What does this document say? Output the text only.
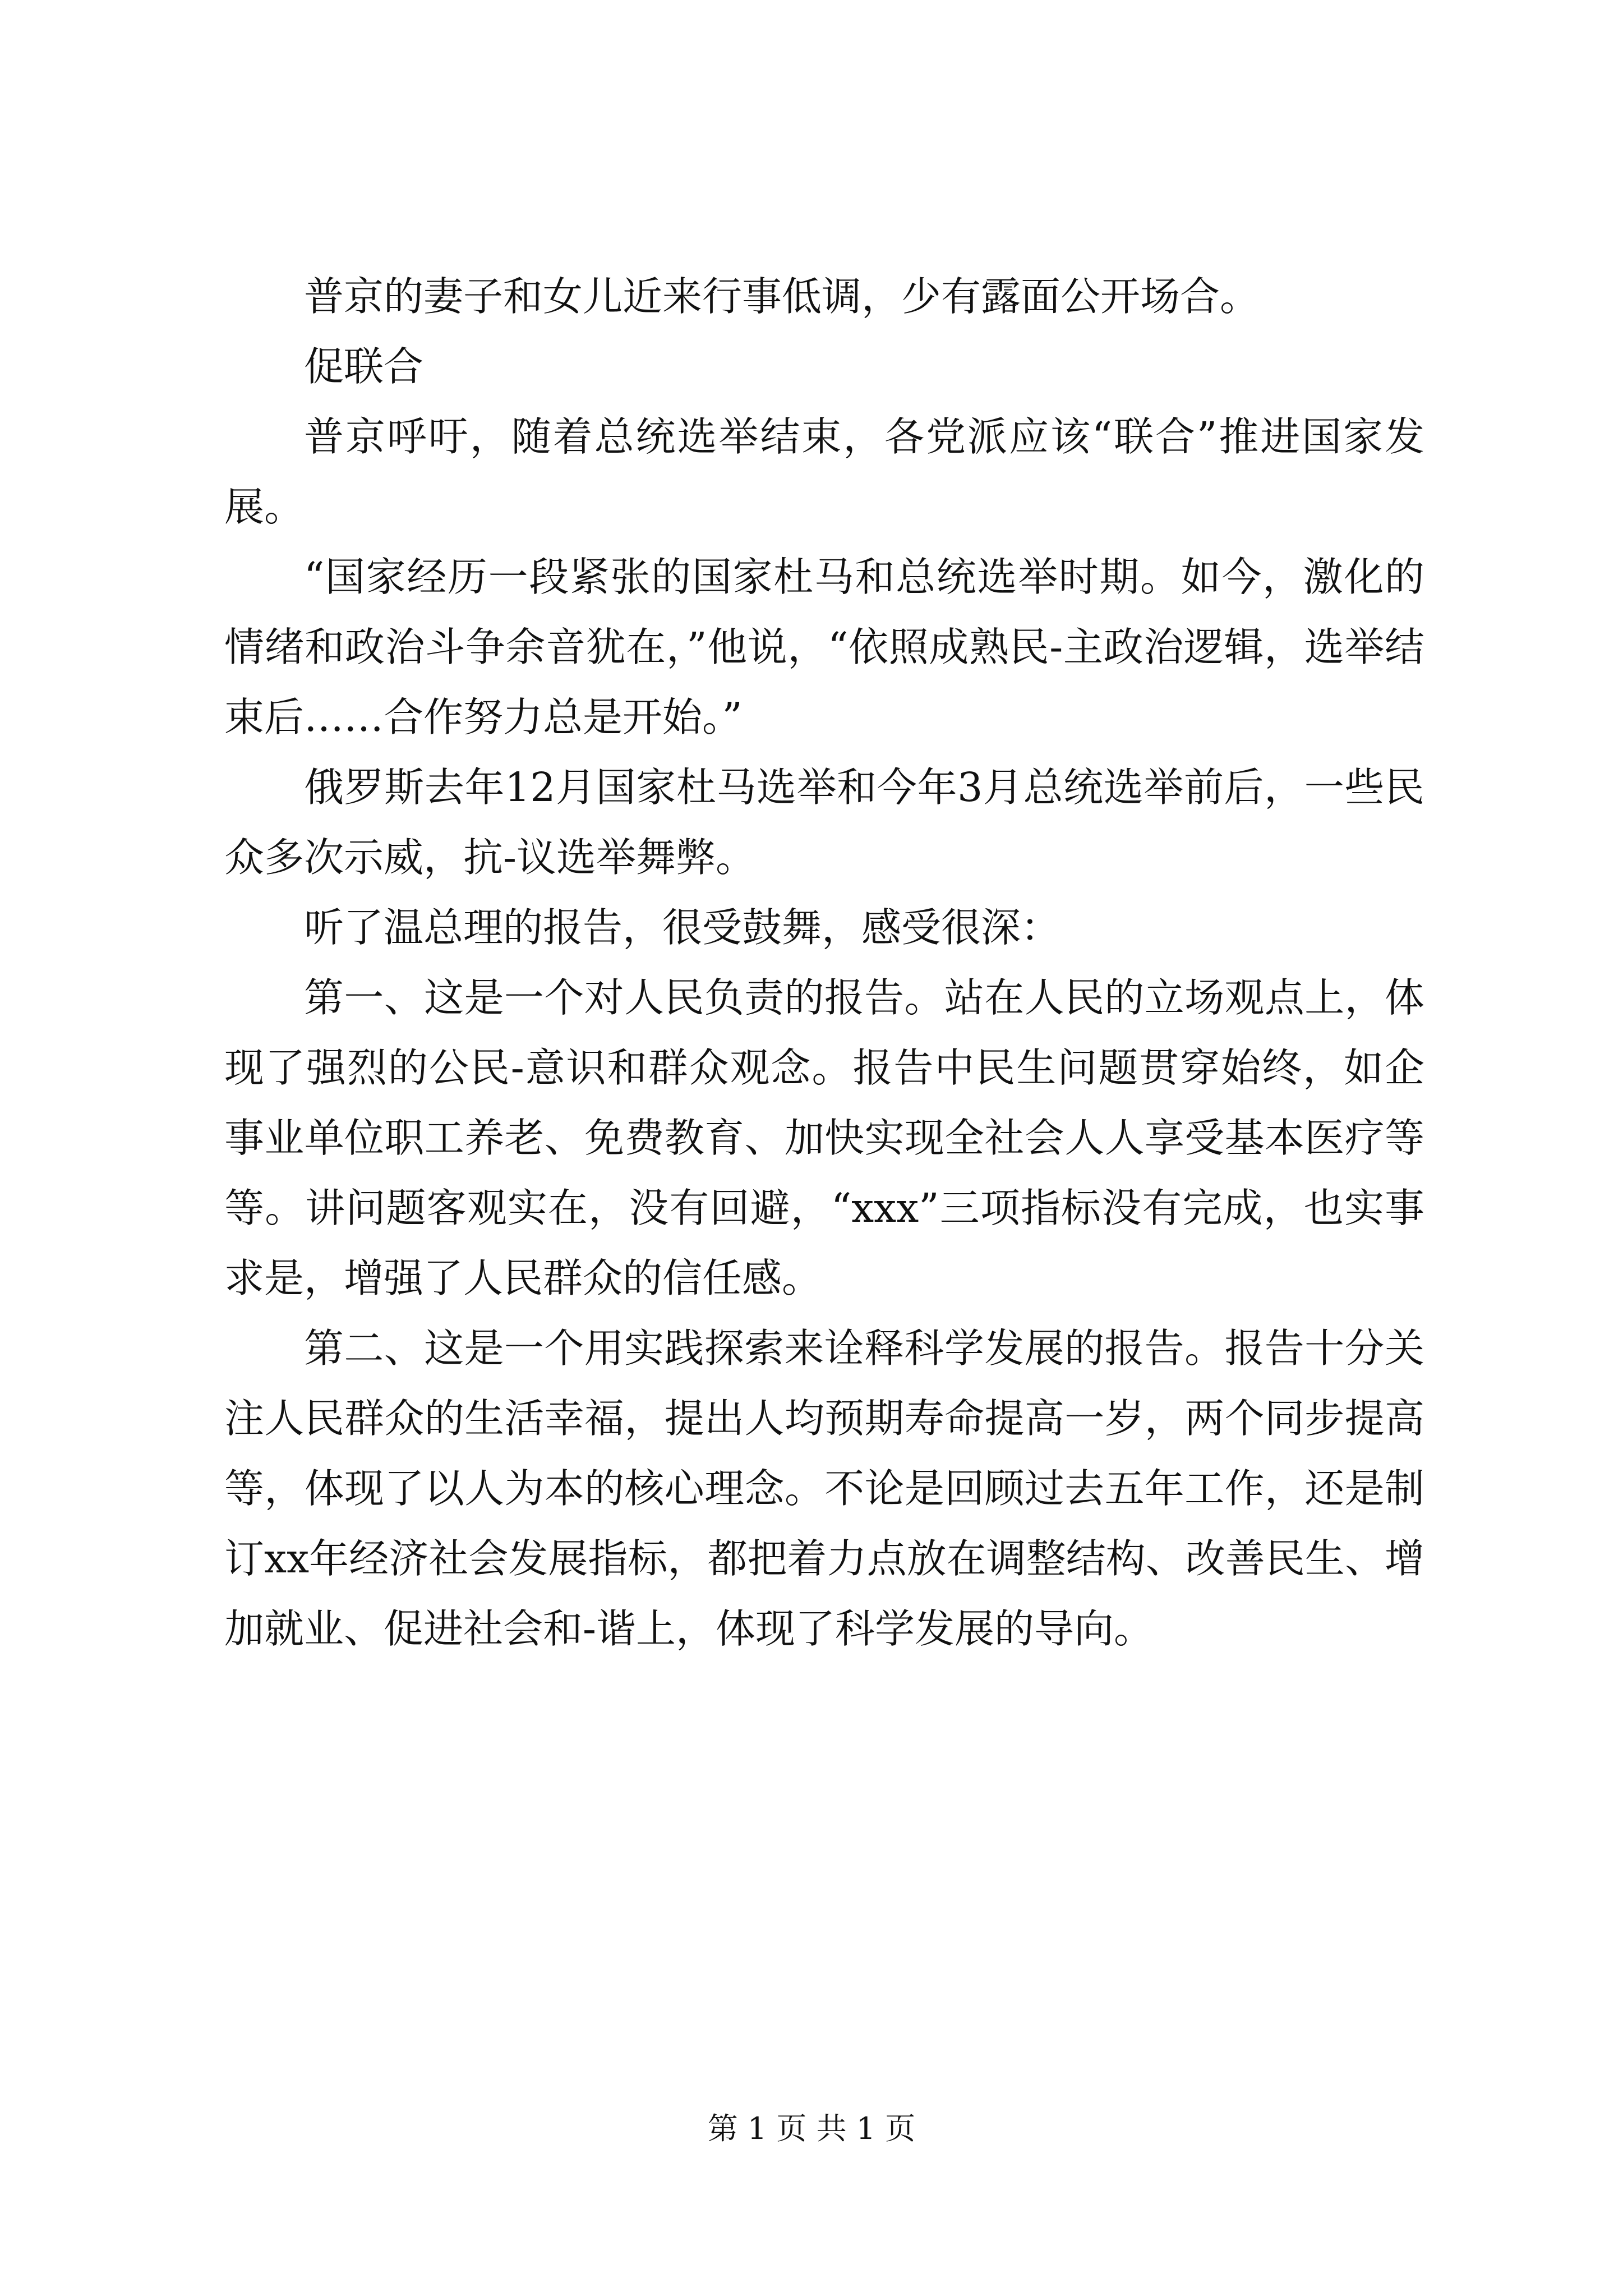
普京的妻子和女儿近来行事低调，少有露面公开场合。

促联合

普京呼吁，随着总统选举结束，各党派应该“联合”推进国家发展。

“国家经历一段紧张的国家杜马和总统选举时期。如今，激化的情绪和政治斗争余音犹在，”他说，“依照成熟民-主政治逻辑，选举结束后……合作努力总是开始。”

俄罗斯去年12月国家杜马选举和今年3月总统选举前后，一些民众多次示威，抗-议选举舞弊。

听了温总理的报告，很受鼓舞，感受很深：

第一、这是一个对人民负责的报告。站在人民的立场观点上，体现了强烈的公民-意识和群众观念。报告中民生问题贯穿始终，如企事业单位职工养老、免费教育、加快实现全社会人人享受基本医疗等等。讲问题客观实在，没有回避，“xxx”三项指标没有完成，也实事求是，增强了人民群众的信任感。

第二、这是一个用实践探索来诠释科学发展的报告。报告十分关注人民群众的生活幸福，提出人均预期寿命提高一岁，两个同步提高等，体现了以人为本的核心理念。不论是回顾过去五年工作，还是制订xx年经济社会发展指标，都把着力点放在调整结构、改善民生、增加就业、促进社会和-谐上，体现了科学发展的导向。

第 1 页 共 1 页
